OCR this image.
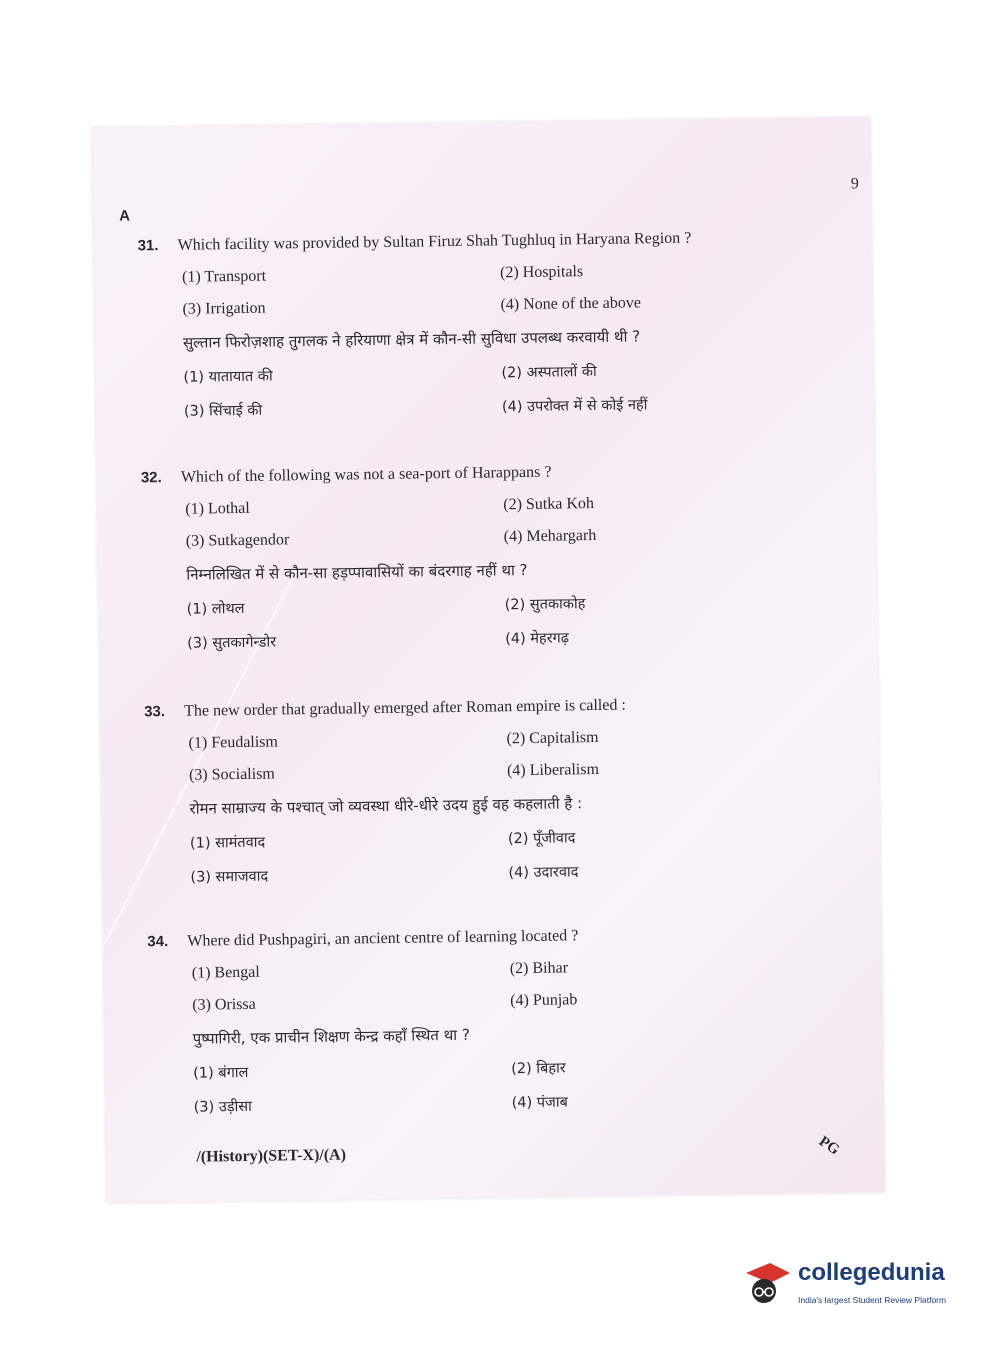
9
A
31.	Which facility was provided by Sultan Firuz Shah Tughluq in Haryana Region ?
(1) Transport	(2) Hospitals
(3) Irrigation	(4) None of the above
सुल्तान फिरोज़शाह तुगलक ने हरियाणा क्षेत्र में कौन-सी सुविधा उपलब्ध करवायी थी ?
(1) यातायात की	(2) अस्पतालों की
(3) सिंचाई की	(4) उपरोक्त में से कोई नहीं
32.	Which of the following was not a sea-port of Harappans ?
(1) Lothal	(2) Sutka Koh
(3) Sutkagendor	(4) Mehargarh
निम्नलिखित में से कौन-सा हड़प्पावासियों का बंदरगाह नहीं था ?
(1) लोथल	(2) सुतकाकोह
(3) सुतकागेन्डोर	(4) मेहरगढ़
33.	The new order that gradually emerged after Roman empire is called :
(1) Feudalism	(2) Capitalism
(3) Socialism	(4) Liberalism
रोमन साम्राज्य के पश्चात् जो व्यवस्था धीरे-धीरे उदय हुई वह कहलाती है :
(1) सामंतवाद	(2) पूँजीवाद
(3) समाजवाद	(4) उदारवाद
34.	Where did Pushpagiri, an ancient centre of learning located ?
(1) Bengal	(2) Bihar
(3) Orissa	(4) Punjab
पुष्पागिरी, एक प्राचीन शिक्षण केन्द्र कहाँ स्थित था ?
(1) बंगाल	(2) बिहार
(3) उड़ीसा	(4) पंजाब
/(History)(SET-X)/(A)	PG
collegedunia
India's largest Student Review Platform
